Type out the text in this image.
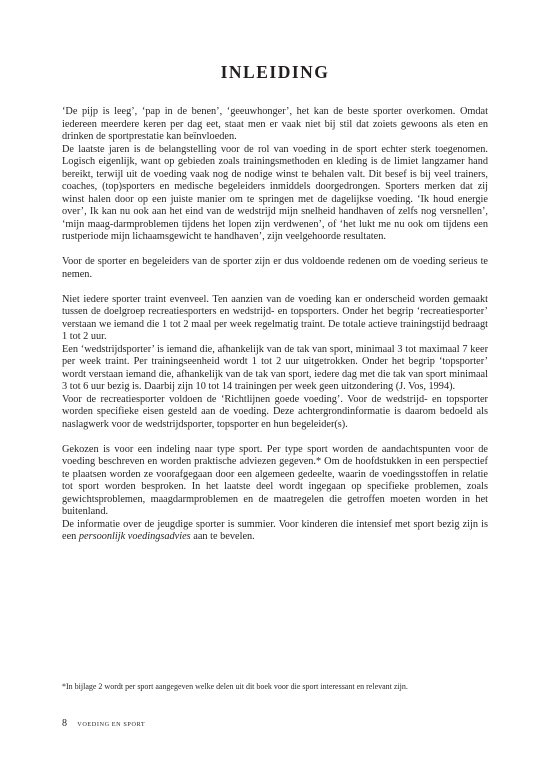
INLEIDING

‘De pijp is leeg’, ‘pap in de benen’, ‘geeuwhonger’, het kan de beste sporter overkomen. Omdat iedereen meerdere keren per dag eet, staat men er vaak niet bij stil dat zoiets gewoons als eten en drinken de sportprestatie kan beïnvloeden.

De laatste jaren is de belangstelling voor de rol van voeding in de sport echter sterk toegenomen. Logisch eigenlijk, want op gebieden zoals trainingsmethoden en kleding is de limiet langzamer hand bereikt, terwijl uit de voeding vaak nog de nodige winst te behalen valt. Dit besef is bij veel trainers, coaches, (top)sporters en medische begeleiders inmiddels doorgedrongen. Sporters merken dat zij winst halen door op een juiste manier om te springen met de dagelijkse voeding. ‘Ik houd energie over’, Ik kan nu ook aan het eind van de wedstrijd mijn snelheid handhaven of zelfs nog versnellen’, ‘mijn maag-darmproblemen tijdens het lopen zijn verdwenen’, of ‘het lukt me nu ook om tijdens een rustperiode mijn lichaamsgewicht te handhaven’, zijn veelgehoorde resultaten.

Voor de sporter en begeleiders van de sporter zijn er dus voldoende redenen om de voeding serieus te nemen.

Niet iedere sporter traint evenveel. Ten aanzien van de voeding kan er onderscheid worden gemaakt tussen de doelgroep recreatiesporters en wedstrijd- en topsporters. Onder het begrip ‘recreatiesporter’ verstaan we iemand die 1 tot 2 maal per week regelmatig traint. De totale actieve trainingstijd bedraagt 1 tot 2 uur.

Een ‘wedstrijdsporter’ is iemand die, afhankelijk van de tak van sport, minimaal 3 tot maximaal 7 keer per week traint. Per trainingseenheid wordt 1 tot 2 uur uitgetrokken. Onder het begrip ‘topsporter’ wordt verstaan iemand die, afhankelijk van de tak van sport, iedere dag met die tak van sport minimaal 3 tot 6 uur bezig is. Daarbij zijn 10 tot 14 trainingen per week geen uitzondering (J. Vos, 1994).

Voor de recreatiesporter voldoen de ‘Richtlijnen goede voeding’. Voor de wedstrijd- en topsporter worden specifieke eisen gesteld aan de voeding. Deze achtergrondinformatie is daarom bedoeld als naslagwerk voor de wedstrijdsporter, topsporter en hun begeleider(s).

Gekozen is voor een indeling naar type sport. Per type sport worden de aandachtspunten voor de voeding beschreven en worden praktische adviezen gegeven.* Om de hoofdstukken in een perspectief te plaatsen worden ze voorafgegaan door een algemeen gedeelte, waarin de voedingsstoffen in relatie tot sport worden besproken. In het laatste deel wordt ingegaan op specifieke problemen, zoals gewichtsproblemen, maagdarmproblemen en de maatregelen die getroffen moeten worden in het buitenland.

De informatie over de jeugdige sporter is summier. Voor kinderen die intensief met sport bezig zijn is een persoonlijk voedingsadvies aan te bevelen.

*In bijlage 2 wordt per sport aangegeven welke delen uit dit boek voor die sport interessant en relevant zijn.

8 VOEDING EN SPORT
